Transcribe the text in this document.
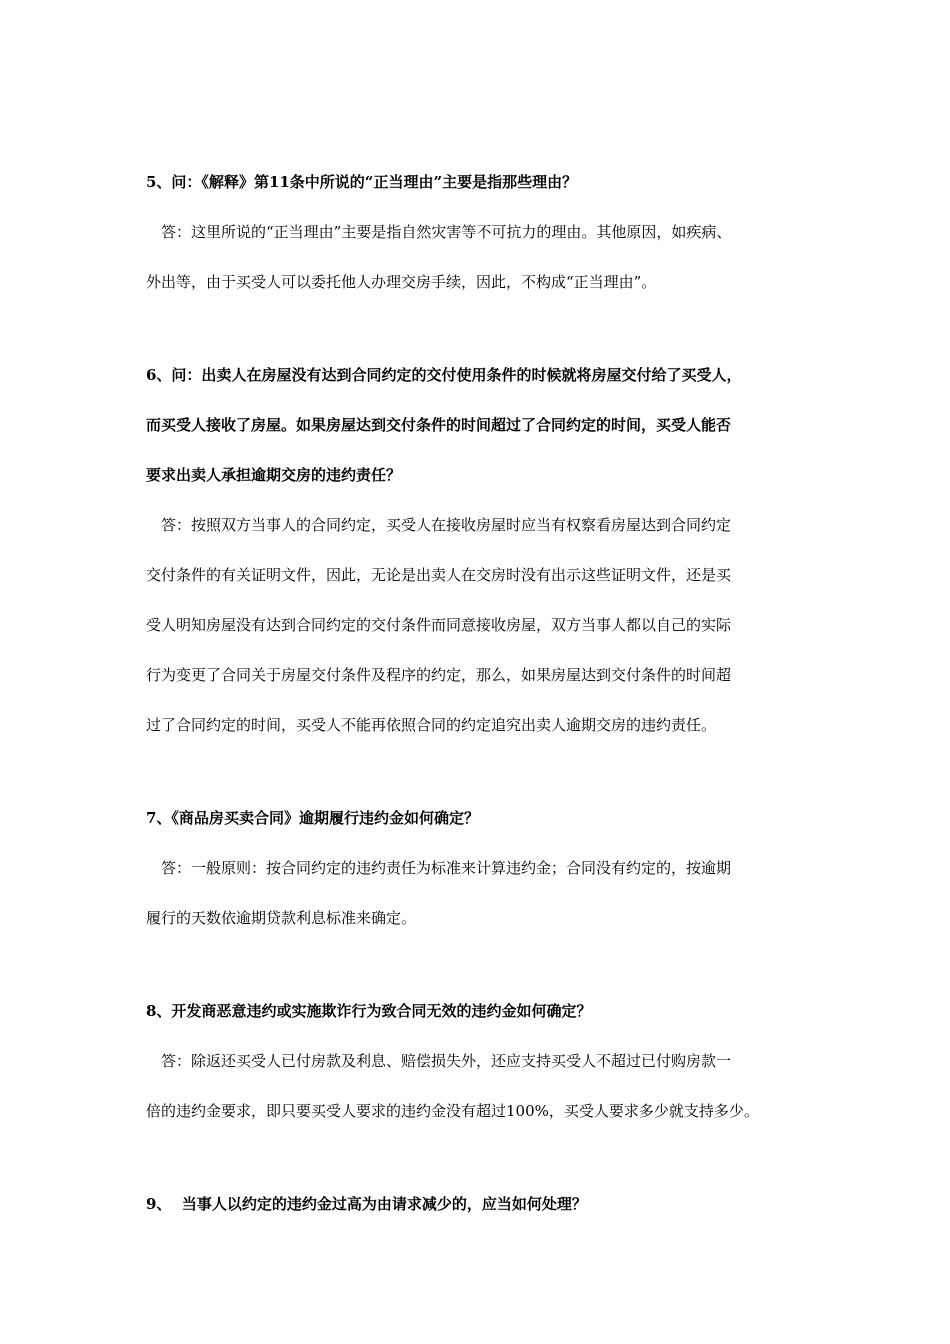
5、问：《解释》第11条中所说的“正当理由”主要是指那些理由？
答：这里所说的“正当理由”主要是指自然灾害等不可抗力的理由。其他原因，如疾病、
外出等，由于买受人可以委托他人办理交房手续，因此，不构成“正当理由”。
6、问：出卖人在房屋没有达到合同约定的交付使用条件的时候就将房屋交付给了买受人，
而买受人接收了房屋。如果房屋达到交付条件的时间超过了合同约定的时间，买受人能否
要求出卖人承担逾期交房的违约责任？
答：按照双方当事人的合同约定，买受人在接收房屋时应当有权察看房屋达到合同约定
交付条件的有关证明文件，因此，无论是出卖人在交房时没有出示这些证明文件，还是买
受人明知房屋没有达到合同约定的交付条件而同意接收房屋，双方当事人都以自己的实际
行为变更了合同关于房屋交付条件及程序的约定，那么，如果房屋达到交付条件的时间超
过了合同约定的时间，买受人不能再依照合同的约定追究出卖人逾期交房的违约责任。
7、《商品房买卖合同》逾期履行违约金如何确定？
答：一般原则：按合同约定的违约责任为标准来计算违约金；合同没有约定的，按逾期
履行的天数依逾期贷款利息标准来确定。
8、开发商恶意违约或实施欺诈行为致合同无效的违约金如何确定？
答：除返还买受人已付房款及利息、赔偿损失外，还应支持买受人不超过已付购房款一
倍的违约金要求，即只要买受人要求的违约金没有超过100%，买受人要求多少就支持多少。
9、  当事人以约定的违约金过高为由请求减少的，应当如何处理？
